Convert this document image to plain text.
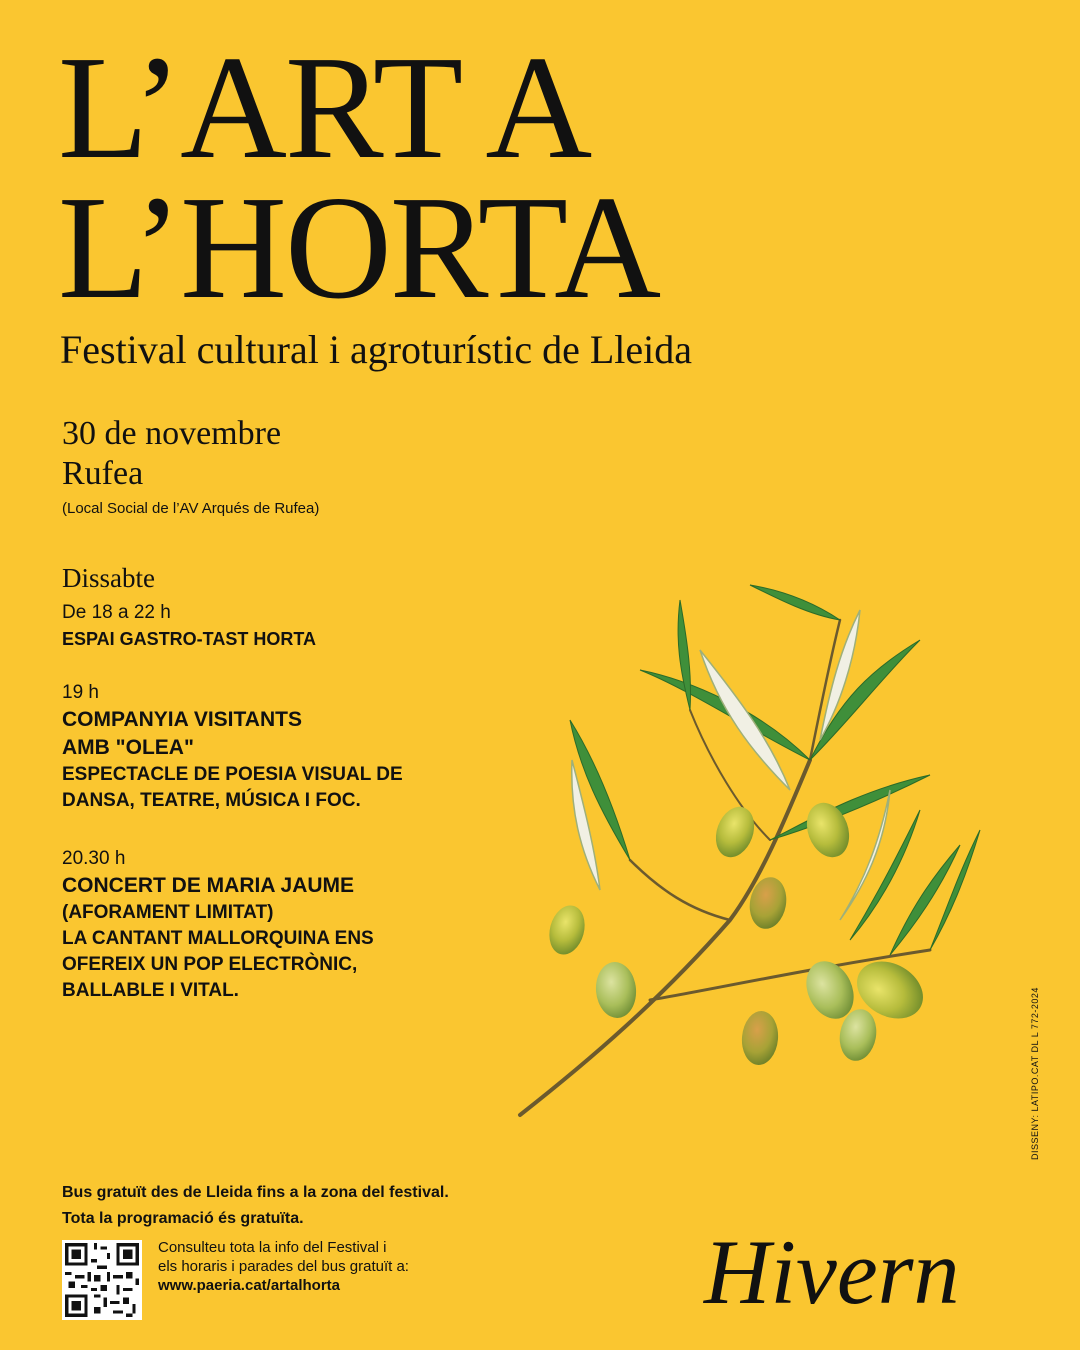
L’ART A
L’HORTA
Festival cultural i agroturístic de Lleida
30 de novembre
Rufea
(Local Social de l’AV Arqués de Rufea)
Dissabte
De 18 a 22 h
ESPAI GASTRO-TAST HORTA
19 h
COMPANYIA VISITANTS
AMB "OLEA"
ESPECTACLE DE POESIA VISUAL DE
DANSA, TEATRE, MÚSICA I FOC.
20.30 h
CONCERT DE MARIA JAUME
(AFORAMENT LIMITAT)
LA CANTANT MALLORQUINA ENS
OFEREIX UN POP ELECTRÒNIC,
BALLABLE I VITAL.
Bus gratuït des de Lleida fins a la zona del festival.
Tota la programació és gratuïta.
Consulteu tota la info del Festival i
els horaris i parades del bus gratuït a:
www.paeria.cat/artalhorta	Hivern
DISSENY: LATIPO.CAT DL L 772-2024
